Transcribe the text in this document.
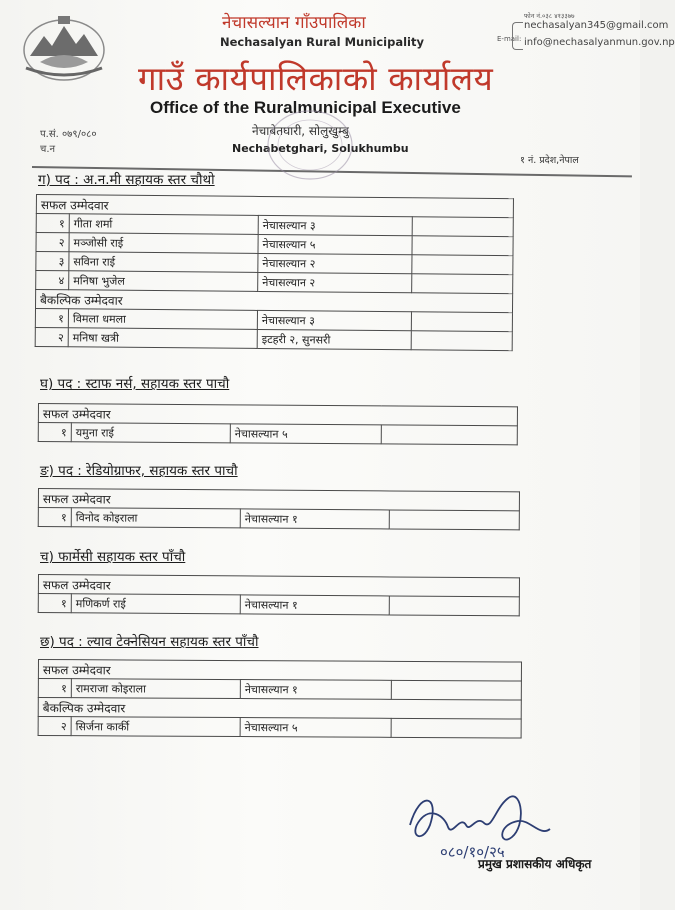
नेचासल्यान गाँउपालिका
Nechasalyan Rural Municipality
गाउँ कार्यपालिकाको कार्यालय
Office of the Ruralmunicipal Executive
नेचाबेतघारी, सोलुखुम्बु
Nechabetghari, Solukhumbu
फोन नं.०३८ ४१३३७७
E-mail:
nechasalyan345@gmail.com
info@nechasalyanmun.gov.np
प.सं. ०७९/०८०
च.न
१ नं. प्रदेश,नेपाल
ग) पद : अ.न.मी सहायक स्तर चौथो
सफल उम्मेदवार			
१	गीता शर्मा	नेचासल्यान ३	
२	मञ्जोसी राई	नेचासल्यान ५	
३	सविना राई	नेचासल्यान २	
४	मनिषा भुजेल	नेचासल्यान २	
बैकल्पिक उम्मेदवार			
१	विमला धमला	नेचासल्यान ३	
२	मनिषा खत्री	इटहरी २, सुनसरी	
घ) पद : स्टाफ नर्स, सहायक स्तर पाचौ
सफल उम्मेदवार
१	यमुना राई	नेचासल्यान ५	
ङ) पद : रेडियोग्राफर, सहायक स्तर पाचौ
सफल उम्मेदवार
१	विनोद कोइराला	नेचासल्यान १	
च) फार्मेसी सहायक स्तर पाँचौ
सफल उम्मेदवार
१	मणिकर्ण राई	नेचासल्यान १	
छ) पद : ल्याव टेक्नेसियन सहायक स्तर पाँचौ
सफल उम्मेदवार			
१	रामराजा कोइराला	नेचासल्यान १	
बैकल्पिक उम्मेदवार			
२	सिर्जना कार्की	नेचासल्यान ५	
०८०/१०/२५
प्रमुख प्रशासकीय अधिकृत
